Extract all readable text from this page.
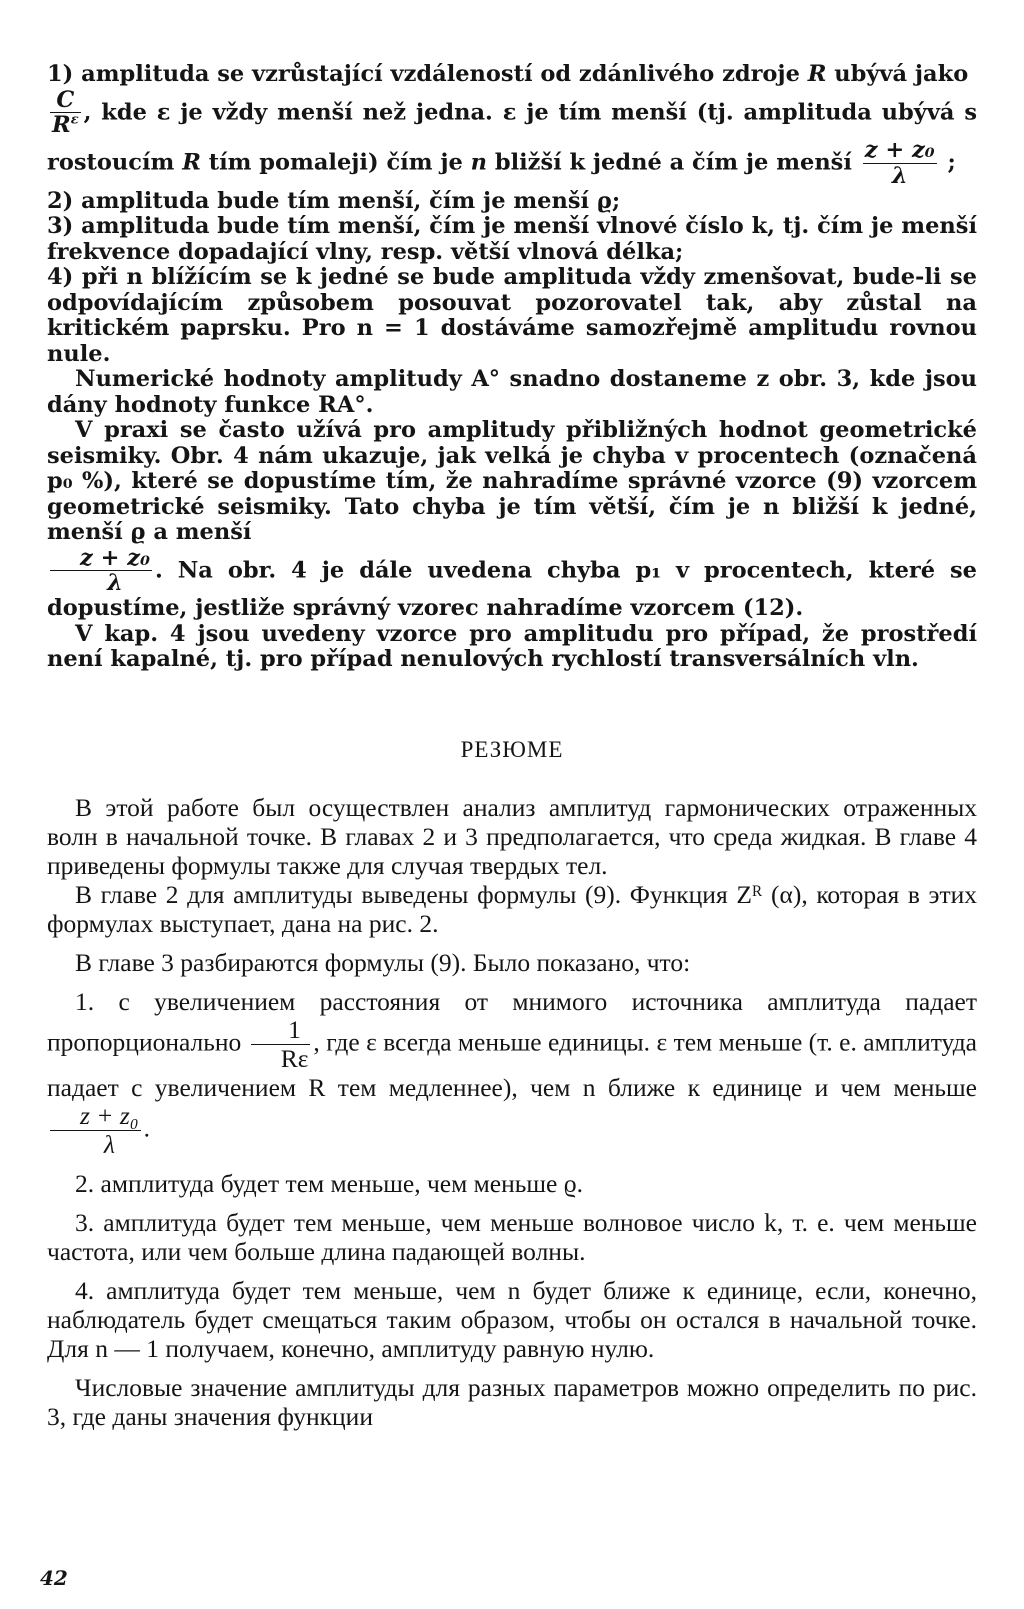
1) amplituda se vzrůstající vzdáleností od zdánlivého zdroje R ubývá jako

$\frac{C}{R^\varepsilon}$ , kde ε je vždy menší než jedna. ε je tím menší (tj. amplituda ubývá s rostoucím R tím pomaleji) čím je n bližší k jedné a čím je menší $\frac{\text{z + z₀}}{\lambda}$ ;

2) amplituda bude tím menší, čím je menší ϱ;

3) amplituda bude tím menší, čím je menší vlnové číslo k, tj. čím je menší frekvence dopadající vlny, resp. větší vlnová délka;

4) při n blížícím se k jedné se bude amplituda vždy zmenšovat, bude-li se odpovídajícím způsobem posouvat pozorovatel tak, aby zůstal na kritickém paprsku. Pro n = 1 dostáváme samozřejmě amplitudu rovnou nule.

Numerické hodnoty amplitudy A° snadno dostaneme z obr. 3, kde jsou dány hodnoty funkce RA°.

V praxi se často užívá pro amplitudy přibližných hodnot geometrické seismiky. Obr. 4 nám ukazuje, jak velká je chyba v procentech (označená p₀ %), které se dopustíme tím, že nahradíme správné vzorce (9) vzorcem geometrické seismiky. Tato chyba je tím větší, čím je n bližší k jedné, menší ϱ a menší

$\frac{\text{z + z₀}}{\lambda}$ . Na obr. 4 je dále uvedena chyba p₁ v procentech, které se dopustíme, jestliže správný vzorec nahradíme vzorcem (12).

V kap. 4 jsou uvedeny vzorce pro amplitudu pro případ, že prostředí není kapalné, tj. pro případ nenulových rychlostí transversálních vln.

РЕЗЮМЕ

В этой работе был осуществлен анализ амплитуд гармонических отраженных волн в начальной точке. В главах 2 и 3 предполагается, что среда жидкая. В главе 4 приведены формулы также для случая твердых тел.

В главе 2 для амплитуды выведены формулы (9). Функция Zᴿ (α), которая в этих формулах выступает, дана на рис. 2.

В главе 3 разбираются формулы (9). Было показано, что:

1. с увеличением расстояния от мнимого источника амплитуда падает пропорционально $\frac{1}{R\varepsilon}$ , где ε всегда меньше единицы. ε тем меньше (т. е. амплитуда падает с увеличением R тем медленнее), чем n ближе к единице и чем меньше
$\frac{\text{z + z₀}}{\lambda}$ .

2. амплитуда будет тем меньше, чем меньше ϱ.

3. амплитуда будет тем меньше, чем меньше волновое число k, т. е. чем меньше частота, или чем больше длина падающей волны.

4. амплитуда будет тем меньше, чем n будет ближе к единице, если, конечно, наблюдатель будет смещаться таким образом, чтобы он остался в начальной точке. Для n — 1 получаем, конечно, амплитуду равную нулю.

Числовые значение амплитуды для разных параметров можно определить по рис. 3, где даны значения функции

42
